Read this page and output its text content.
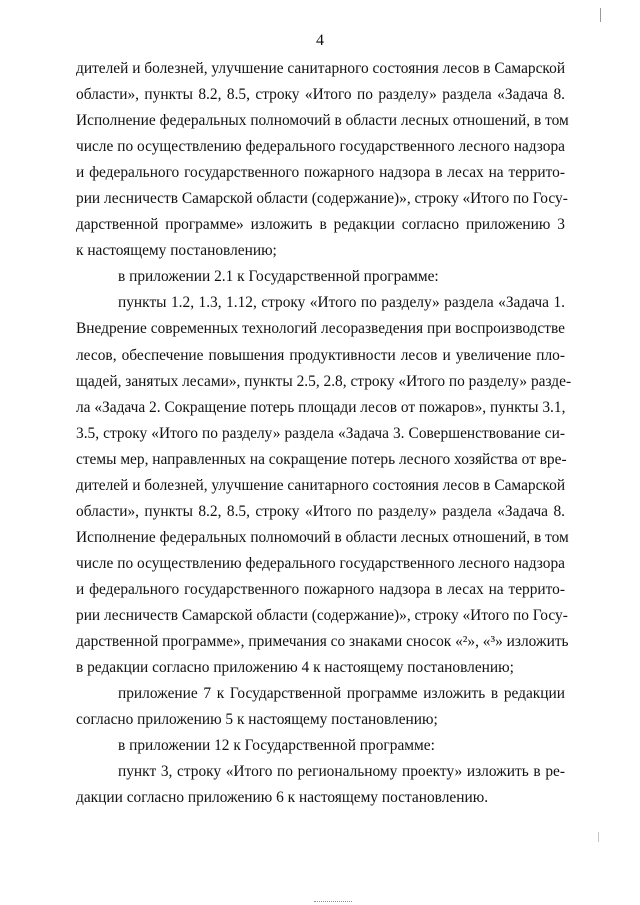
4
дителей и болезней, улучшение санитарного состояния лесов в Самарской
области», пункты 8.2, 8.5, строку «Итого по разделу» раздела «Задача 8.
Исполнение федеральных полномочий в области лесных отношений, в том
числе по осуществлению федерального государственного лесного надзора
и федерального государственного пожарного надзора в лесах на террито-
рии лесничеств Самарской области (содержание)», строку «Итого по Госу-
дарственной программе» изложить в редакции согласно приложению 3
к настоящему постановлению;
в приложении 2.1 к Государственной программе:
пункты 1.2, 1.3, 1.12, строку «Итого по разделу» раздела «Задача 1.
Внедрение современных технологий лесоразведения при воспроизводстве
лесов, обеспечение повышения продуктивности лесов и увеличение пло-
щадей, занятых лесами», пункты 2.5, 2.8, строку «Итого по разделу» разде-
ла «Задача 2. Сокращение потерь площади лесов от пожаров», пункты 3.1,
3.5, строку «Итого по разделу» раздела «Задача 3. Совершенствование си-
стемы мер, направленных на сокращение потерь лесного хозяйства от вре-
дителей и болезней, улучшение санитарного состояния лесов в Самарской
области», пункты 8.2, 8.5, строку «Итого по разделу» раздела «Задача 8.
Исполнение федеральных полномочий в области лесных отношений, в том
числе по осуществлению федерального государственного лесного надзора
и федерального государственного пожарного надзора в лесах на террито-
рии лесничеств Самарской области (содержание)», строку «Итого по Госу-
дарственной программе», примечания со знаками сносок «²», «³» изложить
в редакции согласно приложению 4 к настоящему постановлению;
приложение 7 к Государственной программе изложить в редакции
согласно приложению 5 к настоящему постановлению;
в приложении 12 к Государственной программе:
пункт 3, строку «Итого по региональному проекту» изложить в ре-
дакции согласно приложению 6 к настоящему постановлению.
